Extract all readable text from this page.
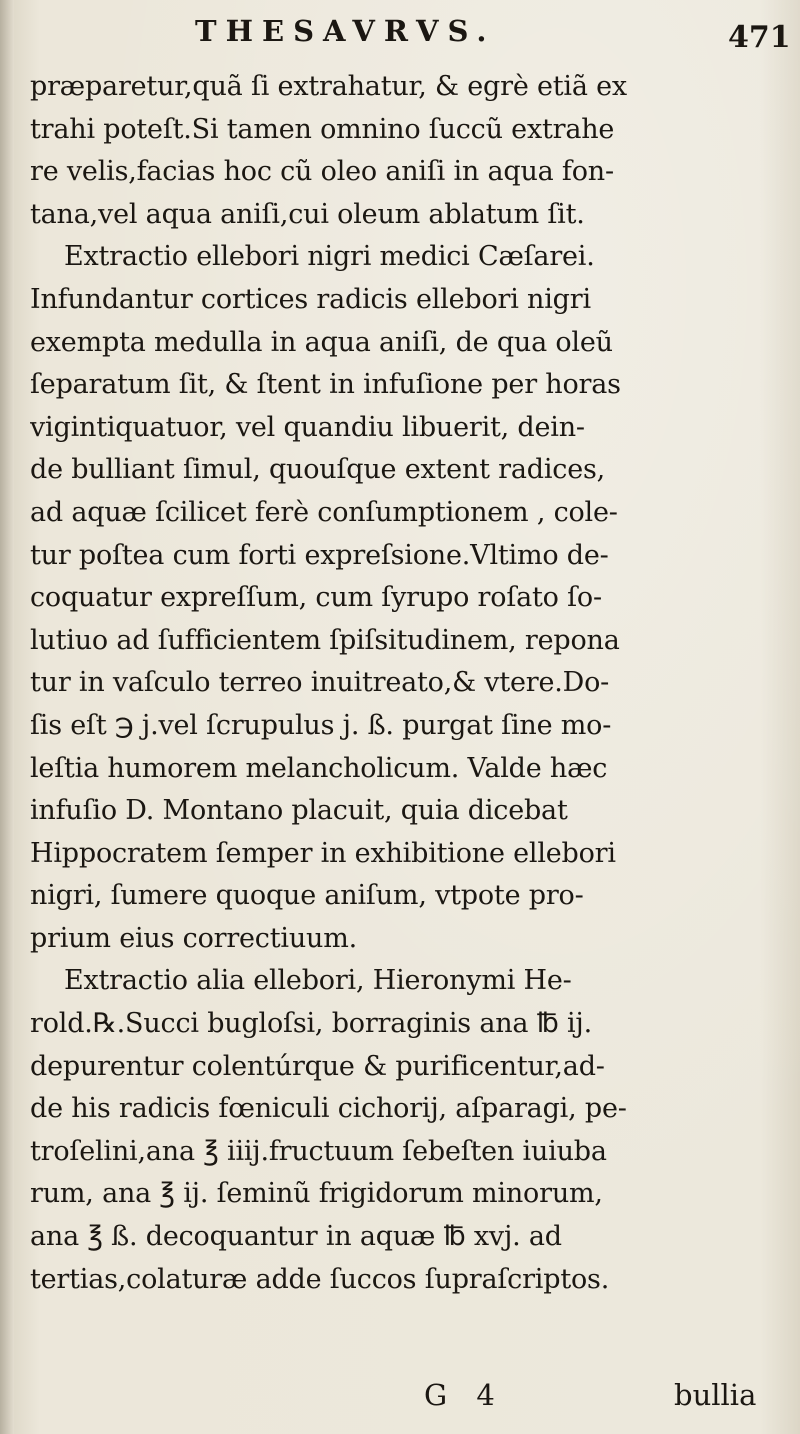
THESAVRVS.	471
præparetur,quã ſi extrahatur, & egrè etiã ex
trahi poteſt.Si tamen omnino ſuccũ extrahe
re velis,facias hoc cũ oleo aniſi in aqua fon-
tana,vel aqua aniſi,cui oleum ablatum ſit.
Extractio ellebori nigri medici Cæſarei.
Infundantur cortices radicis ellebori nigri
exempta medulla in aqua aniſi, de qua oleũ
ſeparatum ſit, & ſtent in infuſione per horas
vigintiquatuor, vel quandiu libuerit, dein-
de bulliant ſimul, quouſque extent radices,
ad aquæ ſcilicet ferè conſumptionem , cole-
tur poſtea cum forti expreſsione.Vltimo de-
coquatur expreſſum, cum ſyrupo roſato ſo-
lutiuo ad ſufficientem ſpiſsitudinem, repona
tur in vaſculo terreo inuitreato,& vtere.Do-
ſis eſt ℈ j.vel ſcrupulus j. ß. purgat ſine mo-
leſtia humorem melancholicum. Valde hæc
infuſio D. Montano placuit, quia dicebat
Hippocratem ſemper in exhibitione ellebori
nigri, ſumere quoque aniſum, vtpote pro-
prium eius correctiuum.
Extractio alia ellebori, Hieronymi He-
rold.℞.Succi bugloſsi, borraginis ana ℔ ij.
depurentur colentúrque & purificentur,ad-
de his radicis fœniculi cichorij, aſparagi, pe-
troſelini,ana ℥ iiij.fructuum ſebeſten iuiuba
rum, ana ℥ ij. ſeminũ frigidorum minorum,
ana ℥ ß. decoquantur in aquæ ℔ xvj. ad
tertias,colaturæ adde ſuccos ſupraſcriptos.
G 4	bullia
